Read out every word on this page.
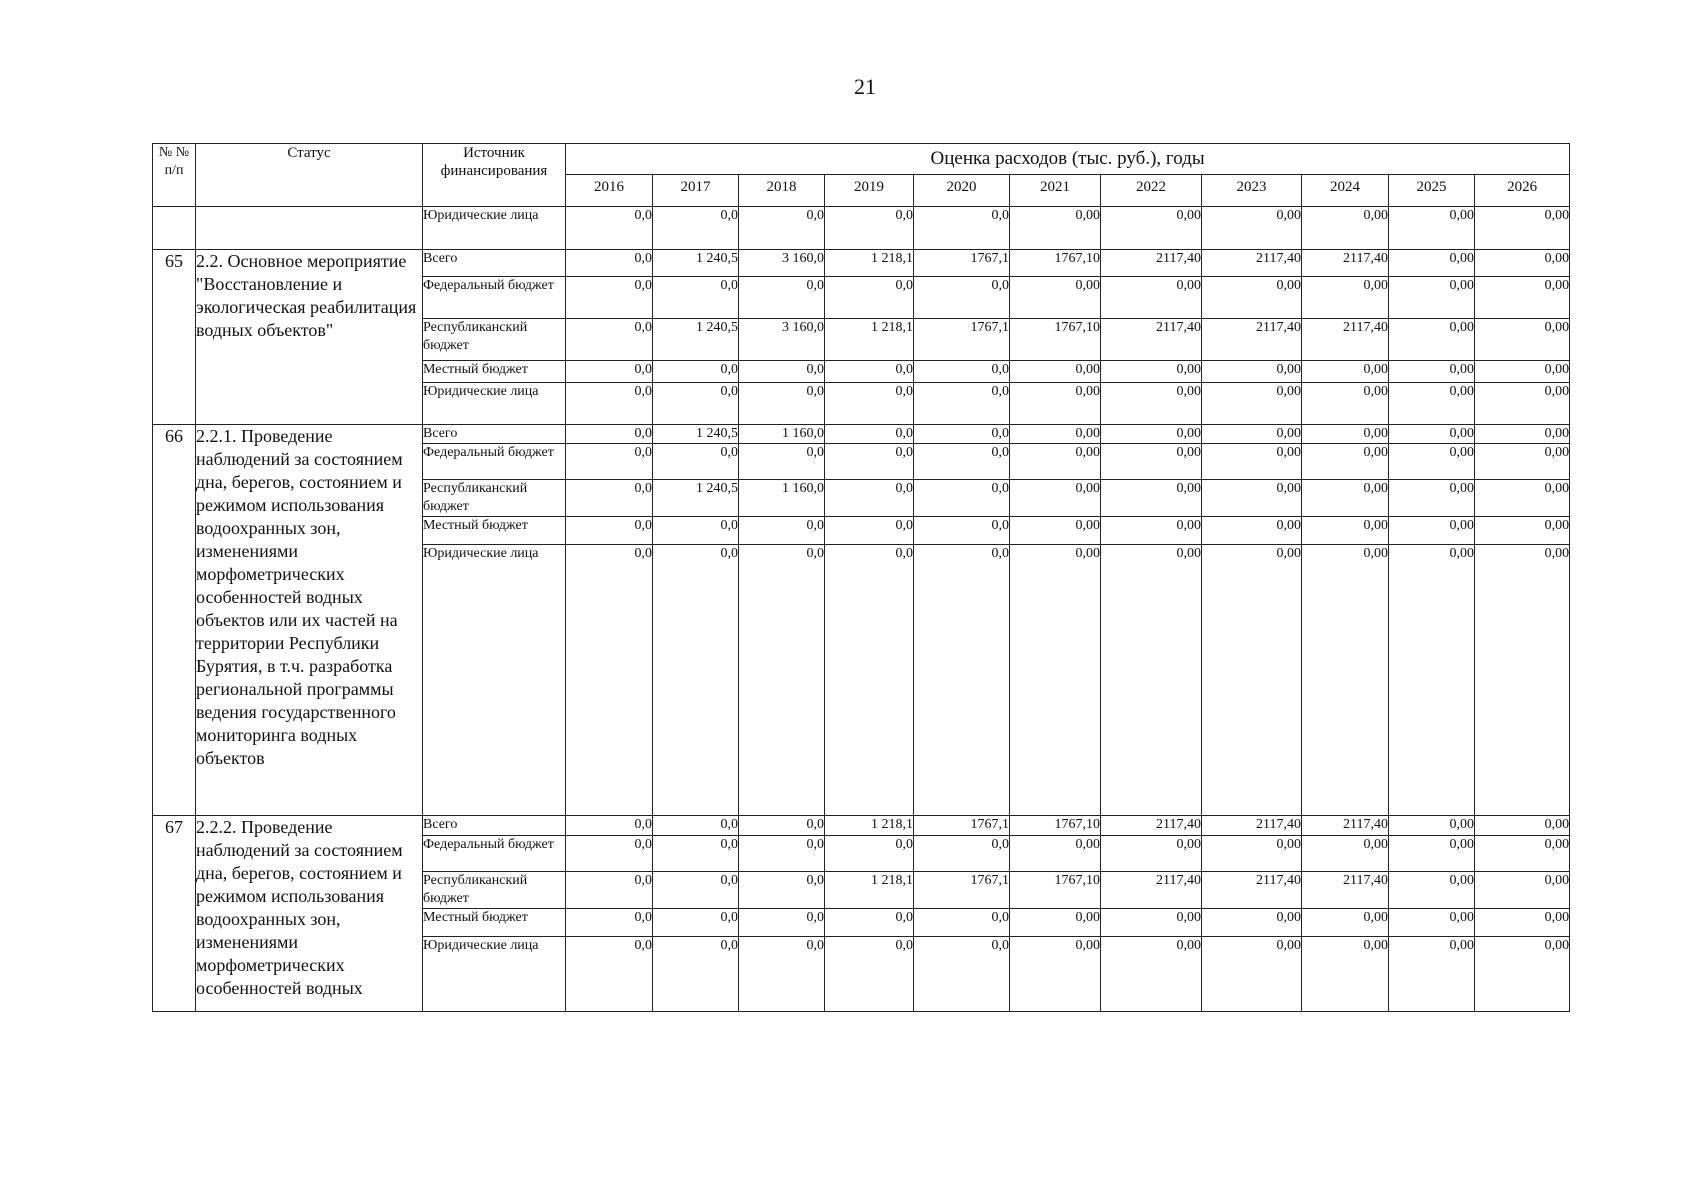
21
№ № п/п	Статус	Источник финансирования	Оценка расходов (тыс. руб.), годы										
			2016	2017	2018	2019	2020	2021	2022	2023	2024	2025	2026
		Юридические лица	0,0	0,0	0,0	0,0	0,0	0,00	0,00	0,00	0,00	0,00	0,00
65	2.2. Основное мероприятие "Восстановление и экологическая реабилитация водных объектов"	Всего	0,0	1 240,5	3 160,0	1 218,1	1767,1	1767,10	2117,40	2117,40	2117,40	0,00	0,00
		Федеральный бюджет	0,0	0,0	0,0	0,0	0,0	0,00	0,00	0,00	0,00	0,00	0,00
		Республиканский бюджет	0,0	1 240,5	3 160,0	1 218,1	1767,1	1767,10	2117,40	2117,40	2117,40	0,00	0,00
		Местный бюджет	0,0	0,0	0,0	0,0	0,0	0,00	0,00	0,00	0,00	0,00	0,00
		Юридические лица	0,0	0,0	0,0	0,0	0,0	0,00	0,00	0,00	0,00	0,00	0,00
66	2.2.1. Проведение наблюдений за состоянием дна, берегов, состоянием и режимом использования водоохранных зон, изменениями морфометрических особенностей водных объектов или их частей на территории Республики Бурятия, в т.ч. разработка региональной программы ведения государственного мониторинга водных объектов	Всего	0,0	1 240,5	1 160,0	0,0	0,0	0,00	0,00	0,00	0,00	0,00	0,00
		Федеральный бюджет	0,0	0,0	0,0	0,0	0,0	0,00	0,00	0,00	0,00	0,00	0,00
		Республиканский бюджет	0,0	1 240,5	1 160,0	0,0	0,0	0,00	0,00	0,00	0,00	0,00	0,00
		Местный бюджет	0,0	0,0	0,0	0,0	0,0	0,00	0,00	0,00	0,00	0,00	0,00
		Юридические лица	0,0	0,0	0,0	0,0	0,0	0,00	0,00	0,00	0,00	0,00	0,00
67	2.2.2. Проведение наблюдений за состоянием дна, берегов, состоянием и режимом использования водоохранных зон, изменениями морфометрических особенностей водных	Всего	0,0	0,0	0,0	1 218,1	1767,1	1767,10	2117,40	2117,40	2117,40	0,00	0,00
		Федеральный бюджет	0,0	0,0	0,0	0,0	0,0	0,00	0,00	0,00	0,00	0,00	0,00
		Республиканский бюджет	0,0	0,0	0,0	1 218,1	1767,1	1767,10	2117,40	2117,40	2117,40	0,00	0,00
		Местный бюджет	0,0	0,0	0,0	0,0	0,0	0,00	0,00	0,00	0,00	0,00	0,00
		Юридические лица	0,0	0,0	0,0	0,0	0,0	0,00	0,00	0,00	0,00	0,00	0,00
